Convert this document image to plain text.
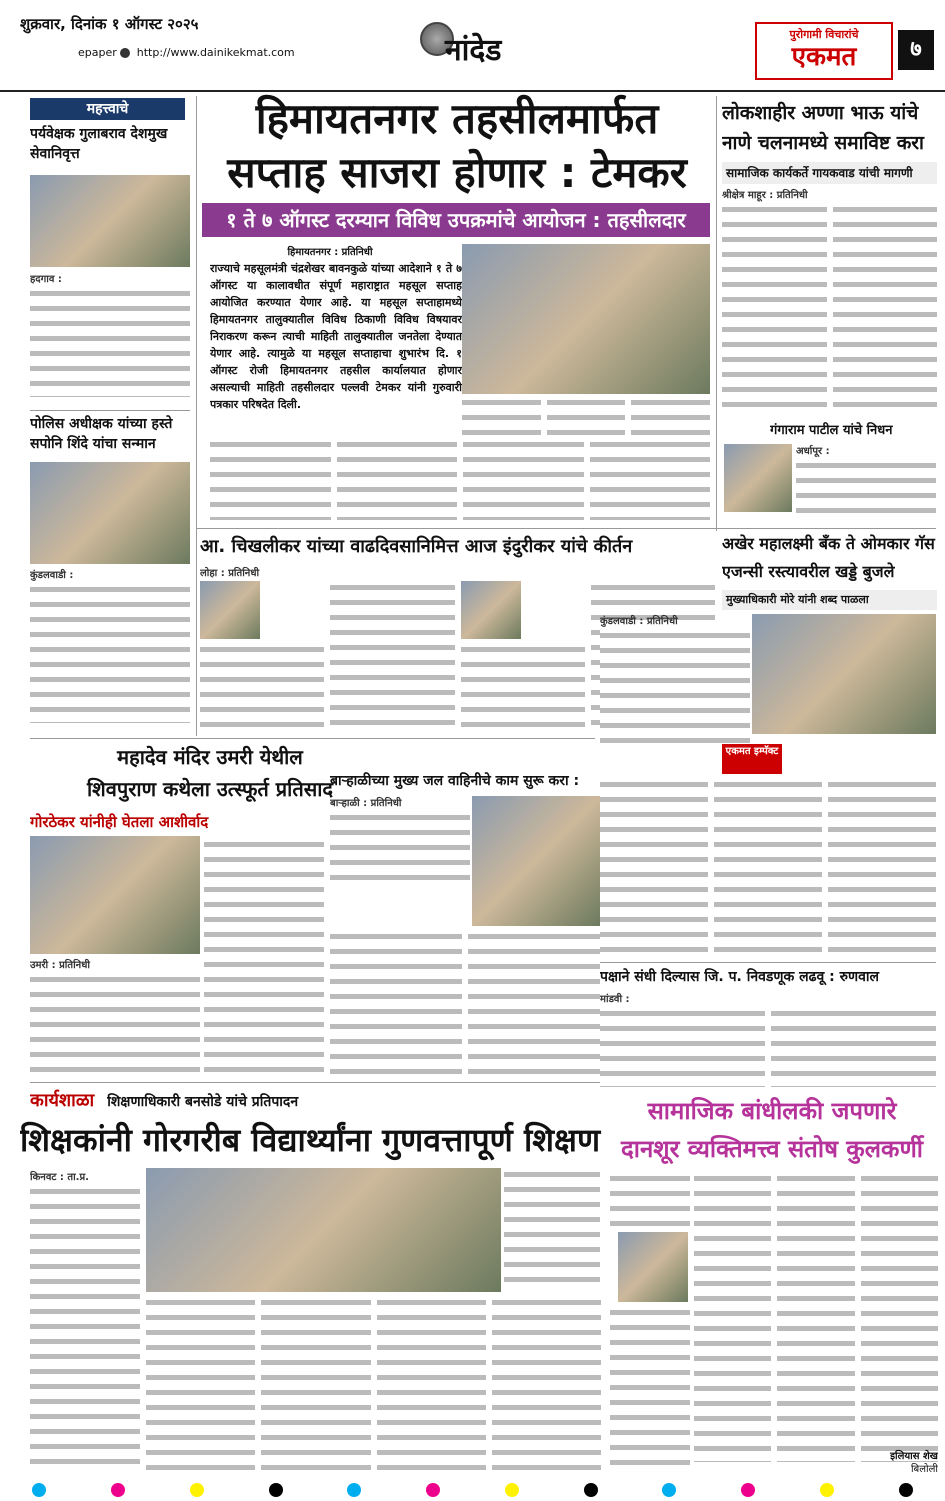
शुक्रवार, दिनांक १ ऑगस्ट २०२५
epaper http://www.dainikekmat.com	नांदेड	पुरोगामी विचारांचे
एकमत	७
महत्त्वाचे
पर्यवेक्षक गुलाबराव देशमुख सेवानिवृत्त
हदगाव :
पोलिस अधीक्षक यांच्या हस्ते सपोनि शिंदे यांचा सन्मान
कुंडलवाडी :
हिमायतनगर तहसीलमार्फत
सप्ताह साजरा होणार : टेमकर
१ ते ७ ऑगस्ट दरम्यान विविध उपक्रमांचे आयोजन : तहसीलदार
हिमायतनगर : प्रतिनिधी
राज्याचे महसूलमंत्री चंद्रशेखर बावनकुळे यांच्या आदेशाने १ ते ७ ऑगस्ट या कालावधीत संपूर्ण महाराष्ट्रात महसूल सप्ताह आयोजित करण्यात येणार आहे. या महसूल सप्ताहामध्ये हिमायतनगर तालुक्यातील विविध ठिकाणी विविध विषयावर निराकरण करून त्याची माहिती तालुक्यातील जनतेला देण्यात येणार आहे. त्यामुळे या महसूल सप्ताहाचा शुभारंभ दि. १ ऑगस्ट रोजी हिमायतनगर तहसील कार्यालयात होणार असल्याची माहिती तहसीलदार पल्लवी टेमकर यांनी गुरुवारी पत्रकार परिषदेत दिली.
लोकशाहीर अण्णा भाऊ यांचे
नाणे चलनामध्ये समाविष्ट करा
सामाजिक कार्यकर्ते गायकवाड यांची मागणी
श्रीक्षेत्र माहूर : प्रतिनिधी
गंगाराम पाटील यांचे निधन
अर्धापूर :
आ. चिखलीकर यांच्या वाढदिवसानिमित्त आज इंदुरीकर यांचे कीर्तन
लोहा : प्रतिनिधी
अखेर महालक्ष्मी बँक ते ओमकार गॅस
एजन्सी रस्त्यावरील खड्डे बुजले
मुख्याधिकारी मोरे यांनी शब्द पाळला
कुंडलवाडी : प्रतिनिधी
एकमत इम्पॅक्ट
महादेव मंदिर उमरी येथील
शिवपुराण कथेला उत्स्फूर्त प्रतिसाद
गोरठेकर यांनीही घेतला आशीर्वाद
उमरी : प्रतिनिधी
बाऱ्हाळीच्या मुख्य जल वाहिनीचे काम सुरू करा :
बाऱ्हाळी : प्रतिनिधी
पक्षाने संधी दिल्यास जि. प. निवडणूक लढवू : रुणवाल
मांडवी :
कार्यशाळा शिक्षणाधिकारी बनसोडे यांचे प्रतिपादन
शिक्षकांनी गोरगरीब विद्यार्थ्यांना गुणवत्तापूर्ण शिक्षण
किनवट : ता.प्र.
सामाजिक बांधीलकी जपणारे
दानशूर व्यक्तिमत्त्व संतोष कुलकर्णी
इलियास शेख
बिलोली
